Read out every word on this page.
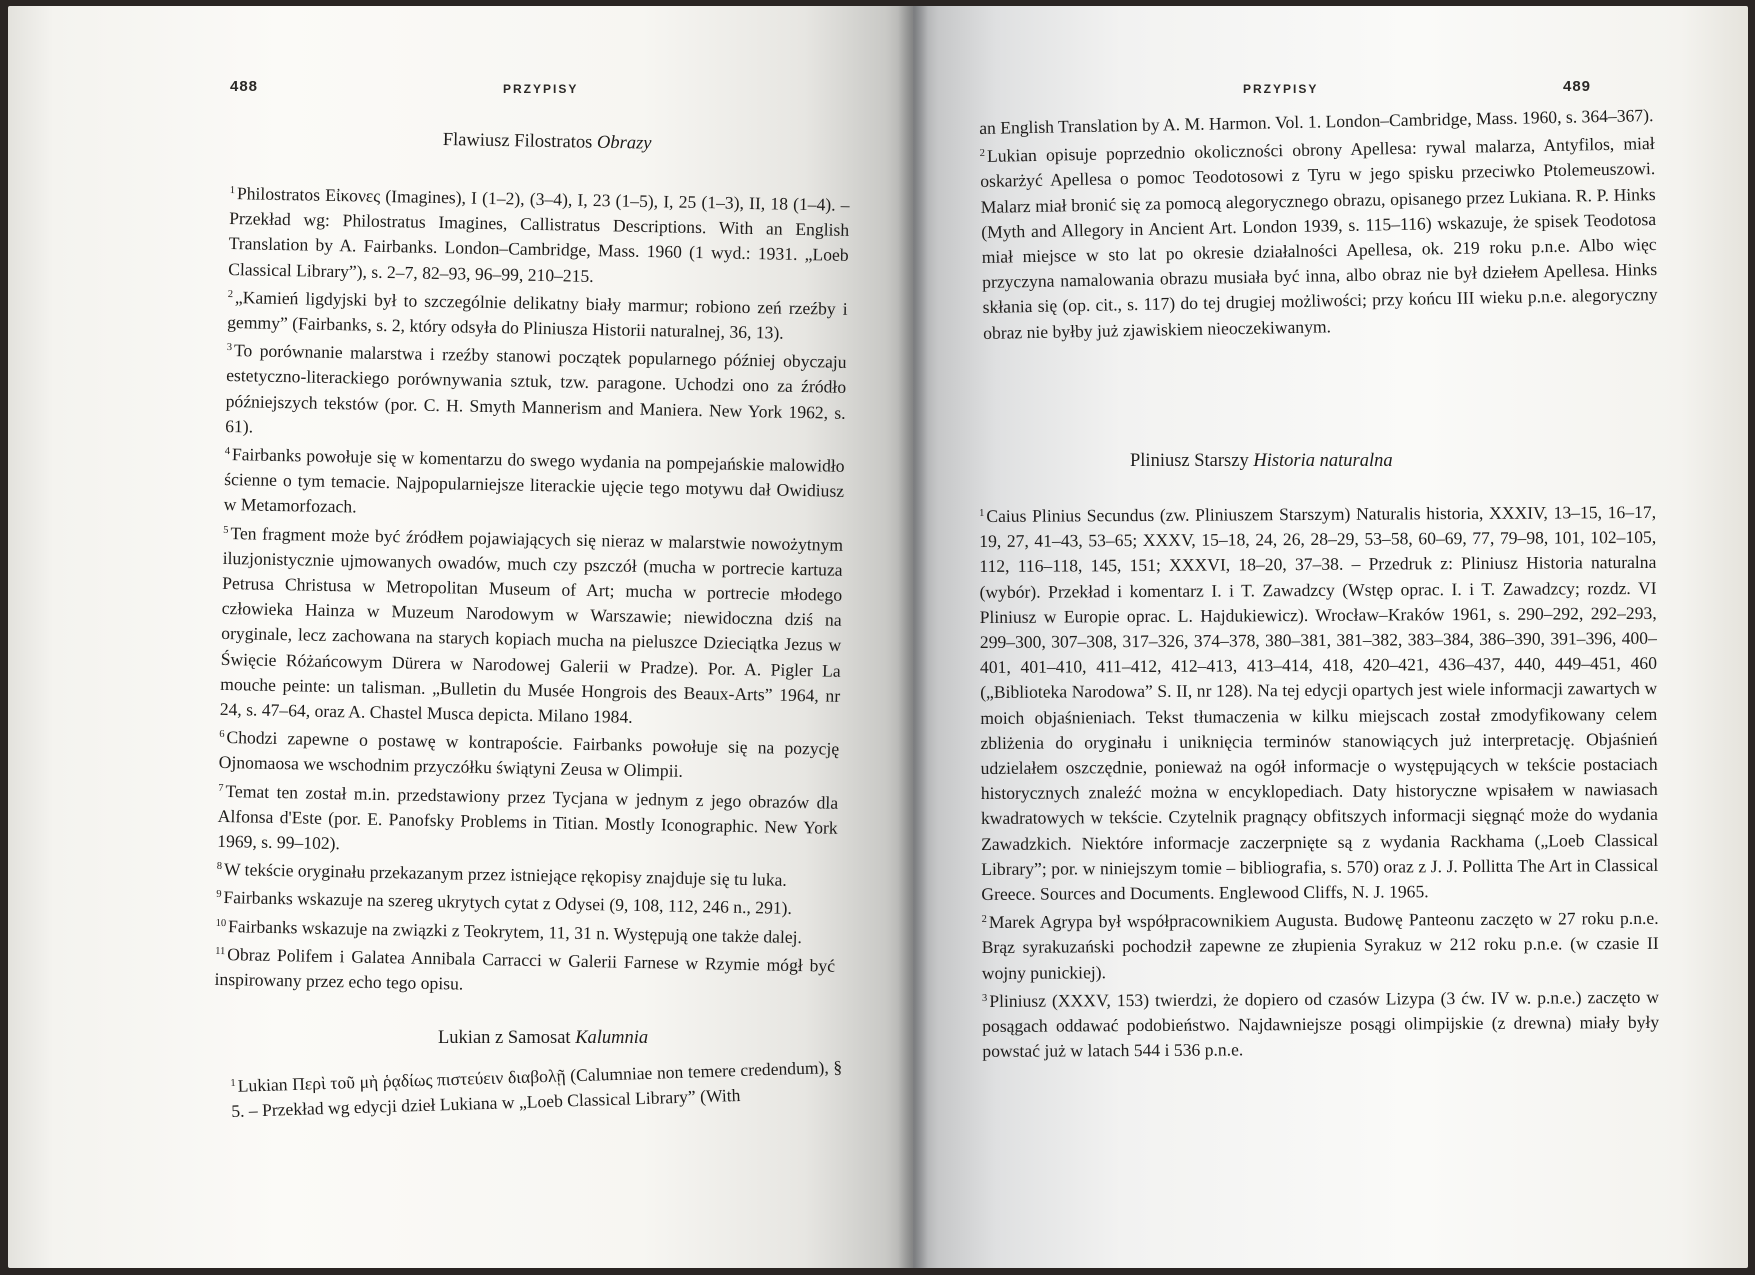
488	PRZYPISY
Flawiusz Filostratos Obrazy

$^1$Philostratos Εἰκονες (Imagines), I (1–2), (3–4), I, 23 (1–5), I, 25 (1–3), II, 18 (1–4). – Przekład wg: Philostratus Imagines, Callistratus Descriptions. With an English Translation by A. Fairbanks. London–Cambridge, Mass. 1960 (1 wyd.: 1931. „Loeb Classical Library”), s. 2–7, 82–93, 96–99, 210–215.

$^2$„Kamień ligdyjski był to szczególnie delikatny biały marmur; robiono zeń rzeźby i gemmy” (Fairbanks, s. 2, który odsyła do Pliniusza Historii naturalnej, 36, 13).

$^3$To porównanie malarstwa i rzeźby stanowi początek popularnego później obyczaju estetyczno-literackiego porównywania sztuk, tzw. paragone. Uchodzi ono za źródło późniejszych tekstów (por. C. H. Smyth Mannerism and Maniera. New York 1962, s. 61).

$^4$Fairbanks powołuje się w komentarzu do swego wydania na pompejańskie malowidło ścienne o tym temacie. Najpopularniejsze literackie ujęcie tego motywu dał Owidiusz w Metamorfozach.

$^5$Ten fragment może być źródłem pojawiających się nieraz w malarstwie nowożytnym iluzjonistycznie ujmowanych owadów, much czy pszczół (mucha w portrecie kartuza Petrusa Christusa w Metropolitan Museum of Art; mucha w portrecie młodego człowieka Hainza w Muzeum Narodowym w Warszawie; niewidoczna dziś na oryginale, lecz zachowana na starych kopiach mucha na pieluszce Dzieciątka Jezus w Święcie Różańcowym Dürera w Narodowej Galerii w Pradze). Por. A. Pigler La mouche peinte: un talisman. „Bulletin du Musée Hongrois des Beaux-Arts” 1964, nr 24, s. 47–64, oraz A. Chastel Musca depicta. Milano 1984.

$^6$Chodzi zapewne o postawę w kontrapoście. Fairbanks powołuje się na pozycję Ojnomaosa we wschodnim przyczółku świątyni Zeusa w Olimpii.

$^7$Temat ten został m.in. przedstawiony przez Tycjana w jednym z jego obrazów dla Alfonsa d'Este (por. E. Panofsky Problems in Titian. Mostly Iconographic. New York 1969, s. 99–102).

$^8$W tekście oryginału przekazanym przez istniejące rękopisy znajduje się tu luka.

$^9$Fairbanks wskazuje na szereg ukrytych cytat z Odysei (9, 108, 112, 246 n., 291).

$^{10}$Fairbanks wskazuje na związki z Teokrytem, 11, 31 n. Występują one także dalej.

$^{11}$Obraz Polifem i Galatea Annibala Carracci w Galerii Farnese w Rzymie mógł być inspirowany przez echo tego opisu.

Lukian z Samosat Kalumnia

$^1$Lukian Περὶ τοῦ μὴ ῥᾳδίως πιστεύειν διαβολῇ (Calumniae non temere credendum), § 5. – Przekład wg edycji dzieł Lukiana w „Loeb Classical Library” (With

PRZYPISY	489

an English Translation by A. M. Harmon. Vol. 1. London–Cambridge, Mass. 1960, s. 364–367).

$^2$Lukian opisuje poprzednio okoliczności obrony Apellesa: rywal malarza, Antyfilos, miał oskarżyć Apellesa o pomoc Teodotosowi z Tyru w jego spisku przeciwko Ptolemeuszowi. Malarz miał bronić się za pomocą alegorycznego obrazu, opisanego przez Lukiana. R. P. Hinks (Myth and Allegory in Ancient Art. London 1939, s. 115–116) wskazuje, że spisek Teodotosa miał miejsce w sto lat po okresie działalności Apellesa, ok. 219 roku p.n.e. Albo więc przyczyna namalowania obrazu musiała być inna, albo obraz nie był dziełem Apellesa. Hinks skłania się (op. cit., s. 117) do tej drugiej możliwości; przy końcu III wieku p.n.e. alegoryczny obraz nie byłby już zjawiskiem nieoczekiwanym.

Pliniusz Starszy Historia naturalna

$^1$ Caius Plinius Secundus (zw. Pliniuszem Starszym) Naturalis historia, XXXIV, 13–15, 16–17, 19, 27, 41–43, 53–65; XXXV, 15–18, 24, 26, 28–29, 53–58, 60–69, 77, 79–98, 101, 102–105, 112, 116–118, 145, 151; XXXVI, 18–20, 37–38. – Przedruk z: Pliniusz Historia naturalna (wybór). Przekład i komentarz I. i T. Zawadzcy (Wstęp oprac. I. i T. Zawadzcy; rozdz. VI Pliniusz w Europie oprac. L. Hajdukiewicz). Wrocław–Kraków 1961, s. 290–292, 292–293, 299–300, 307–308, 317–326, 374–378, 380–381, 381–382, 383–384, 386–390, 391–396, 400–401, 401–410, 411–412, 412–413, 413–414, 418, 420–421, 436–437, 440, 449–451, 460 („Biblioteka Narodowa” S. II, nr 128). Na tej edycji opartych jest wiele informacji zawartych w moich objaśnieniach. Tekst tłumaczenia w kilku miejscach został zmodyfikowany celem zbliżenia do oryginału i uniknięcia terminów stanowiących już interpretację. Objaśnień udzielałem oszczędnie, ponieważ na ogół informacje o występujących w tekście postaciach historycznych znaleźć można w encyklopediach. Daty historyczne wpisałem w nawiasach kwadratowych w tekście. Czytelnik pragnący obfitszych informacji sięgnąć może do wydania Zawadzkich. Niektóre informacje zaczerpnięte są z wydania Rackhama („Loeb Classical Library”; por. w niniejszym tomie – bibliografia, s. 570) oraz z J. J. Pollitta The Art in Classical Greece. Sources and Documents. Englewood Cliffs, N. J. 1965.

$^2$ Marek Agrypa był współpracownikiem Augusta. Budowę Panteonu zaczęto w 27 roku p.n.e. Brąz syrakuzański pochodził zapewne ze złupienia Syrakuz w 212 roku p.n.e. (w czasie II wojny punickiej).

$^3$ Pliniusz (XXXV, 153) twierdzi, że dopiero od czasów Lizypa (3 ćw. IV w. p.n.e.) zaczęto w posągach oddawać podobieństwo. Najdawniejsze posągi olimpijskie (z drewna) miały były powstać już w latach 544 i 536 p.n.e.
